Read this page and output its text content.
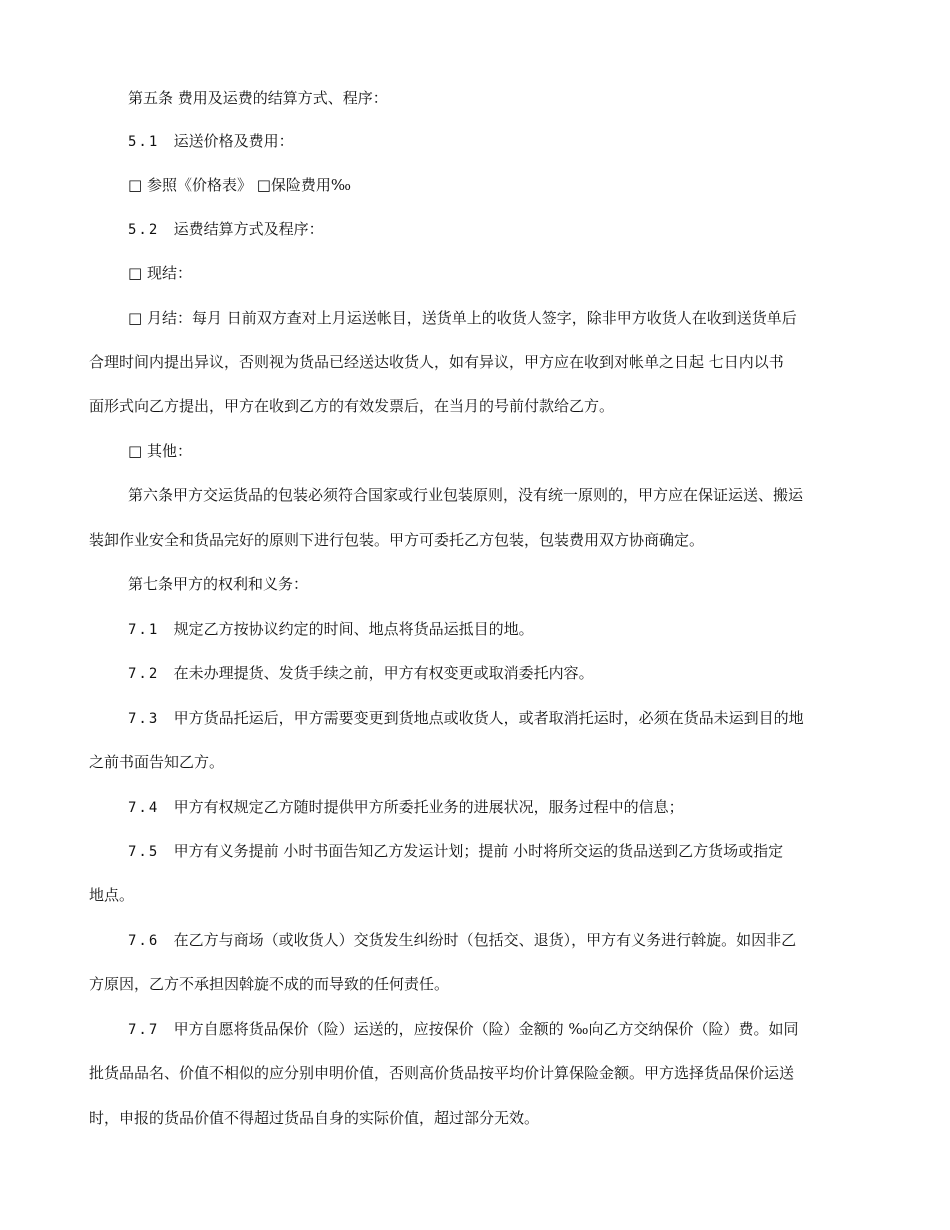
第五条 费用及运费的结算方式、程序：
5.1 运送价格及费用：
□ 参照《价格表》 □保险费用‰
5.2 运费结算方式及程序：
□ 现结：
□ 月结：每月 日前双方查对上月运送帐目，送货单上的收货人签字，除非甲方收货人在收到送货单后
合理时间内提出异议，否则视为货品已经送达收货人，如有异议，甲方应在收到对帐单之日起 七日内以书
面形式向乙方提出，甲方在收到乙方的有效发票后，在当月的号前付款给乙方。
□ 其他：
第六条甲方交运货品的包装必须符合国家或行业包装原则，没有统一原则的，甲方应在保证运送、搬运
装卸作业安全和货品完好的原则下进行包装。甲方可委托乙方包装，包装费用双方协商确定。
第七条甲方的权利和义务：
7.1 规定乙方按协议约定的时间、地点将货品运抵目的地。
7.2 在未办理提货、发货手续之前，甲方有权变更或取消委托内容。
7.3 甲方货品托运后，甲方需要变更到货地点或收货人，或者取消托运时，必须在货品未运到目的地
之前书面告知乙方。
7.4 甲方有权规定乙方随时提供甲方所委托业务的进展状况，服务过程中的信息；
7.5 甲方有义务提前 小时书面告知乙方发运计划；提前 小时将所交运的货品送到乙方货场或指定
地点。
7.6 在乙方与商场（或收货人）交货发生纠纷时（包括交、退货），甲方有义务进行斡旋。如因非乙
方原因，乙方不承担因斡旋不成的而导致的任何责任。
7.7 甲方自愿将货品保价（险）运送的，应按保价（险）金额的 ‰向乙方交纳保价（险）费。如同
批货品品名、价值不相似的应分别申明价值，否则高价货品按平均价计算保险金额。甲方选择货品保价运送
时，申报的货品价值不得超过货品自身的实际价值，超过部分无效。
